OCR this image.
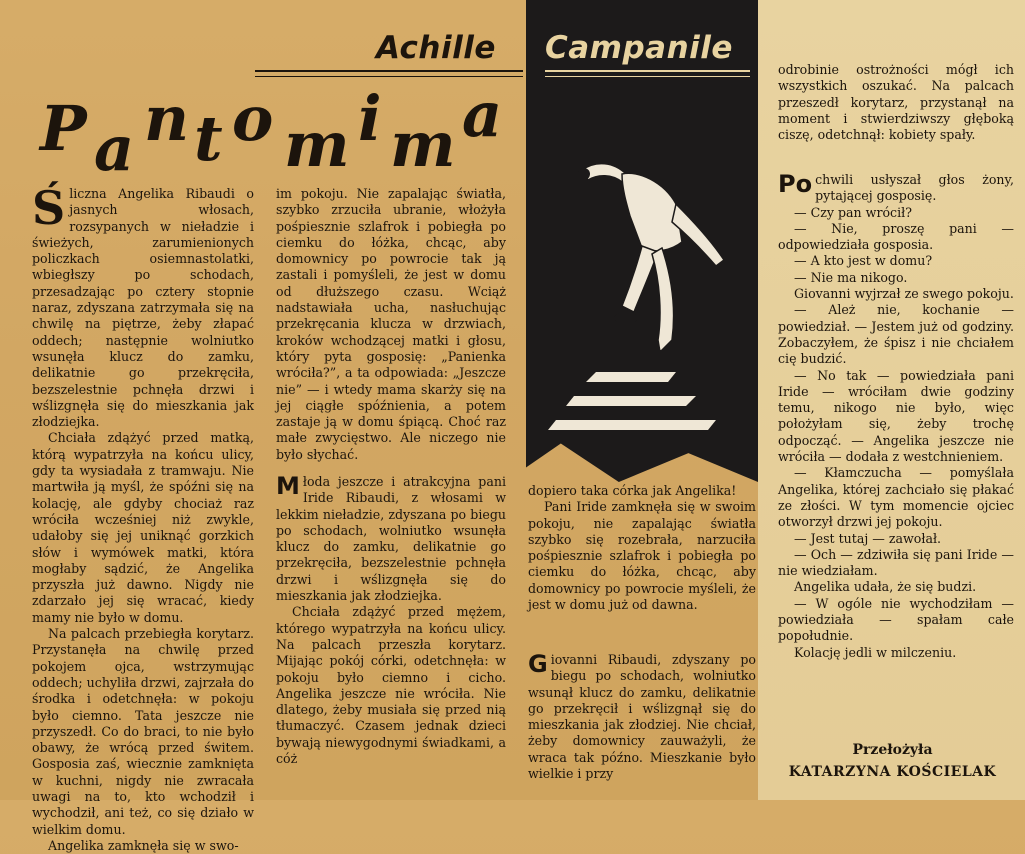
Achille Campanile
P a n t o m i m a

Śliczna Angelika Ribaudi o jasnych włosach, rozsypanych w nieładzie i świeżych, zarumienionych policzkach osiemnastolatki, wbiegłszy po schodach, przesadzając po cztery stopnie naraz, zdyszana zatrzymała się na chwilę na piętrze, żeby złapać oddech; następnie wolniutko wsunęła klucz do zamku, delikatnie go przekręciła, bezszelestnie pchnęła drzwi i wślizgnęła się do mieszkania jak złodziejka.

Chciała zdążyć przed matką, którą wypatrzyła na końcu ulicy, gdy ta wysiadała z tramwaju. Nie martwiła ją myśl, że spóźni się na kolację, ale gdyby chociaż raz wróciła wcześniej niż zwykle, udałoby się jej uniknąć gorzkich słów i wymówek matki, która mogłaby sądzić, że Angelika przyszła już dawno. Nigdy nie zdarzało jej się wracać, kiedy mamy nie było w domu.

Na palcach przebiegła korytarz. Przystanęła na chwilę przed pokojem ojca, wstrzymując oddech; uchyliła drzwi, zajrzała do środka i odetchnęła: w pokoju było ciemno. Tata jeszcze nie przyszedł. Co do braci, to nie było obawy, że wrócą przed świtem. Gosposia zaś, wiecznie zamknięta w kuchni, nigdy nie zwracała uwagi na to, kto wchodził i wychodził, ani też, co się działo w wielkim domu.

Angelika zamknęła się w swo-

im pokoju. Nie zapalając światła, szybko zrzuciła ubranie, włożyła pośpiesznie szlafrok i pobiegła po ciemku do łóżka, chcąc, aby domownicy po powrocie tak ją zastali i pomyśleli, że jest w domu od dłuższego czasu. Wciąż nadstawiała ucha, nasłuchując przekręcania klucza w drzwiach, kroków wchodzącej matki i głosu, który pyta gosposię: „Panienka wróciła?”, a ta odpowiada: „Jeszcze nie” — i wtedy mama skarży się na jej ciągłe spóźnienia, a potem zastaje ją w domu śpiącą. Choć raz małe zwycięstwo. Ale niczego nie było słychać.

Młoda jeszcze i atrakcyjna pani Iride Ribaudi, z włosami w lekkim nieładzie, zdyszana po biegu po schodach, wolniutko wsunęła klucz do zamku, delikatnie go przekręciła, bezszelestnie pchnęła drzwi i wślizgnęła się do mieszkania jak złodziejka.

Chciała zdążyć przed mężem, którego wypatrzyła na końcu ulicy. Na palcach przeszła korytarz. Mijając pokój córki, odetchnęła: w pokoju było ciemno i cicho. Angelika jeszcze nie wróciła. Nie dlatego, żeby musiała się przed nią tłumaczyć. Czasem jednak dzieci bywają niewygodnymi świadkami, a cóż

dopiero taka córka jak Angelika!

Pani Iride zamknęła się w swoim pokoju, nie zapalając światła szybko się rozebrała, narzuciła pośpiesznie szlafrok i pobiegła po ciemku do łóżka, chcąc, aby domownicy po powrocie myśleli, że jest w domu już od dawna.

Giovanni Ribaudi, zdyszany po biegu po schodach, wolniutko wsunął klucz do zamku, delikatnie go przekręcił i wślizgnął się do mieszkania jak złodziej. Nie chciał, żeby domownicy zauważyli, że wraca tak późno. Mieszkanie było wielkie i przy

odrobinie ostrożności mógł ich wszystkich oszukać. Na palcach przeszedł korytarz, przystanął na moment i stwierdziwszy głęboką ciszę, odetchnął: kobiety spały.

Po chwili usłyszał głos żony, pytającej gosposię.

— Czy pan wrócił?

— Nie, proszę pani — odpowiedziała gosposia.

— A kto jest w domu?

— Nie ma nikogo.

Giovanni wyjrzał ze swego pokoju.

— Ależ nie, kochanie — powiedział. — Jestem już od godziny. Zobaczyłem, że śpisz i nie chciałem cię budzić.

— No tak — powiedziała pani Iride — wróciłam dwie godziny temu, nikogo nie było, więc położyłam się, żeby trochę odpocząć. — Angelika jeszcze nie wróciła — dodała z westchnieniem.

— Kłamczucha — pomyślała Angelika, której zachciało się płakać ze złości. W tym momencie ojciec otworzył drzwi jej pokoju.

— Jest tutaj — zawołał.

— Och — zdziwiła się pani Iride — nie wiedziałam.

Angelika udała, że się budzi.

— W ogóle nie wychodziłam — powiedziała — spałam całe popołudnie.

Kolację jedli w milczeniu.

Przełożyła
KATARZYNA KOŚCIELAK
